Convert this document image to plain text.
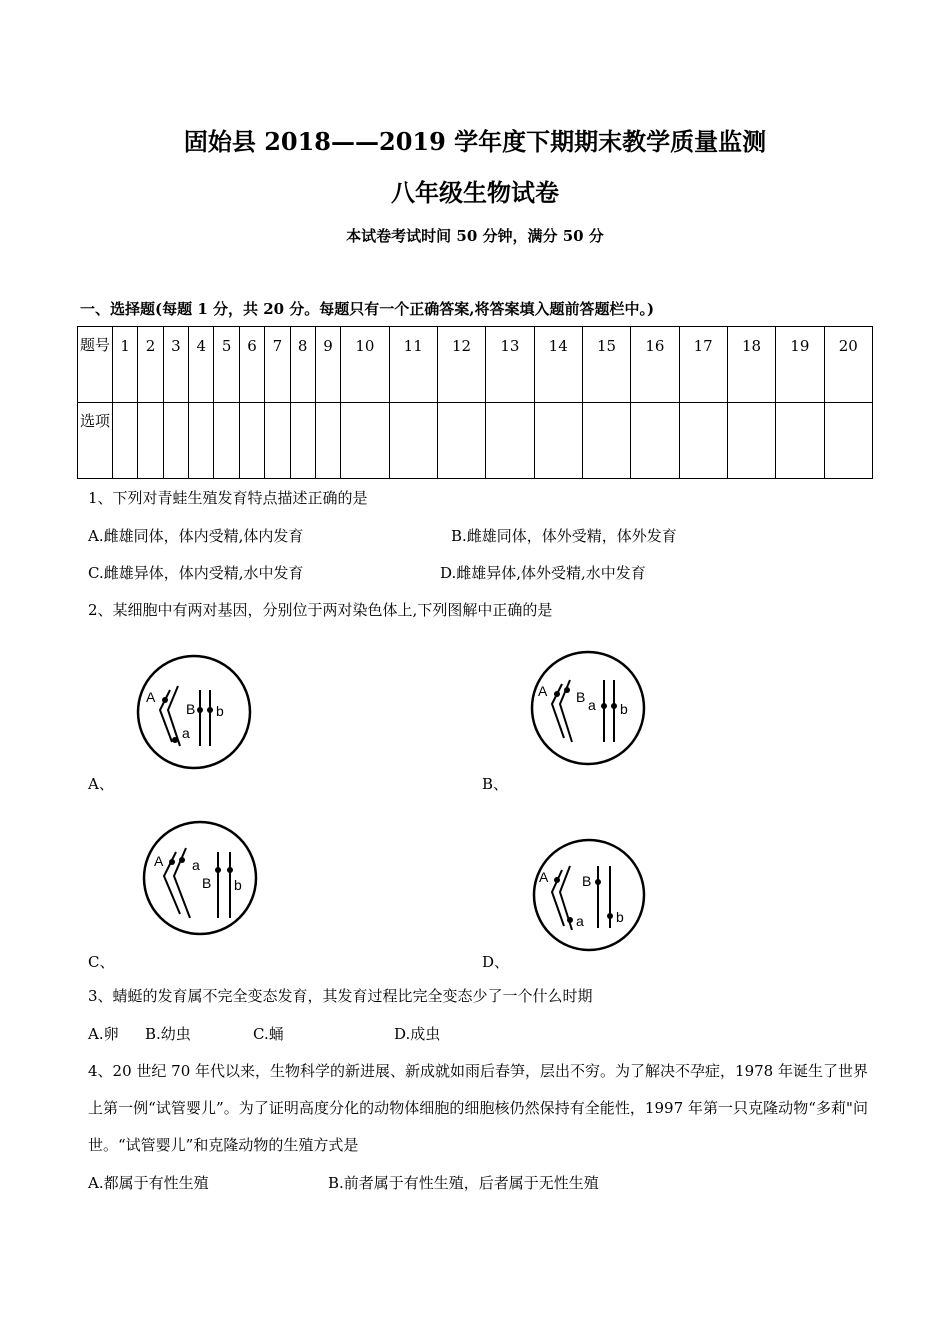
固始县 2018——2019 学年度下期期末教学质量监测
八年级生物试卷
本试卷考试时间 50 分钟，满分 50 分
一、选择题(每题 1 分，共 20 分。每题只有一个正确答案,将答案填入题前答题栏中。)
题号	1	2	3	4	5	6	7	8	9	10	11	12	13	14	15	16	17	18	19	20

选项																				
1、下列对青蛙生殖发育特点描述正确的是
A.雌雄同体，体内受精,体内发育	B.雌雄同体，体外受精，体外发育
C.雌雄异体，体内受精,水中发育	D.雌雄异体,体外受精,水中发育
2、某细胞中有两对基因，分别位于两对染色体上,下列图解中正确的是
A
a
B b
A、
A B a b
B、
A a
B b
C、
A
a
B
b
D、
3、蜻蜓的发育属不完全变态发育，其发育过程比完全变态少了一个什么时期
A.卵 B.幼虫	C.蛹	D.成虫
4、20 世纪 70 年代以来，生物科学的新进展、新成就如雨后春笋，层出不穷。为了解决不孕症，1978 年诞生了世界上第一例“试管婴儿”。为了证明高度分化的动物体细胞的细胞核仍然保持有全能性，1997 年第一只克隆动物“多莉"问世。“试管婴儿”和克隆动物的生殖方式是
A.都属于有性生殖	B.前者属于有性生殖，后者属于无性生殖
